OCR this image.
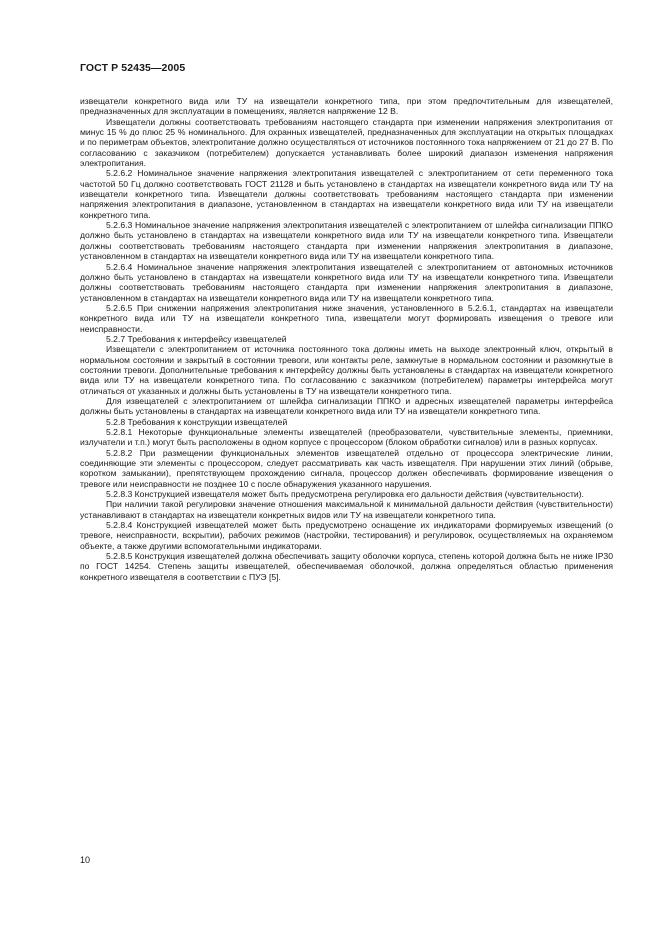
ГОСТ Р 52435—2005

извещатели конкретного вида или ТУ на извещатели конкретного типа, при этом предпочтительным для извещателей, предназначенных для эксплуатации в помещениях, является напряжение 12 В.

Извещатели должны соответствовать требованиям настоящего стандарта при изменении напряжения электропитания от минус 15 % до плюс 25 % номинального. Для охранных извещателей, предназначенных для эксплуатации на открытых площадках и по периметрам объектов, электропитание должно осуществляться от источников постоянного тока напряжением от 21 до 27 В. По согласованию с заказчиком (потребителем) допускается устанавливать более широкий диапазон изменения напряжения электропитания.

5.2.6.2 Номинальное значение напряжения электропитания извещателей с электропитанием от сети переменного тока частотой 50 Гц должно соответствовать ГОСТ 21128 и быть установлено в стандартах на извещатели конкретного вида или ТУ на извещатели конкретного типа. Извещатели должны соответствовать требованиям настоящего стандарта при изменении напряжения электропитания в диапазоне, установленном в стандартах на извещатели конкретного вида или ТУ на извещатели конкретного типа.

5.2.6.3 Номинальное значение напряжения электропитания извещателей с электропитанием от шлейфа сигнализации ППКО должно быть установлено в стандартах на извещатели конкретного вида или ТУ на извещатели конкретного типа. Извещатели должны соответствовать требованиям настоящего стандарта при изменении напряжения электропитания в диапазоне, установленном в стандартах на извещатели конкретного вида или ТУ на извещатели конкретного типа.

5.2.6.4 Номинальное значение напряжения электропитания извещателей с электропитанием от автономных источников должно быть установлено в стандартах на извещатели конкретного вида или ТУ на извещатели конкретного типа. Извещатели должны соответствовать требованиям настоящего стандарта при изменении напряжения электропитания в диапазоне, установленном в стандартах на извещатели конкретного вида или ТУ на извещатели конкретного типа.

5.2.6.5 При снижении напряжения электропитания ниже значения, установленного в 5.2.6.1, стандартах на извещатели конкретного вида или ТУ на извещатели конкретного типа, извещатели могут формировать извещения о тревоге или неисправности.

5.2.7 Требования к интерфейсу извещателей

Извещатели с электропитанием от источника постоянного тока должны иметь на выходе электронный ключ, открытый в нормальном состоянии и закрытый в состоянии тревоги, или контакты реле, замкнутые в нормальном состоянии и разомкнутые в состоянии тревоги. Дополнительные требования к интерфейсу должны быть установлены в стандартах на извещатели конкретного вида или ТУ на извещатели конкретного типа. По согласованию с заказчиком (потребителем) параметры интерфейса могут отличаться от указанных и должны быть установлены в ТУ на извещатели конкретного типа.

Для извещателей с электропитанием от шлейфа сигнализации ППКО и адресных извещателей параметры интерфейса должны быть установлены в стандартах на извещатели конкретного вида или ТУ на извещатели конкретного типа.

5.2.8 Требования к конструкции извещателей

5.2.8.1 Некоторые функциональные элементы извещателей (преобразователи, чувствительные элементы, приемники, излучатели и т.п.) могут быть расположены в одном корпусе с процессором (блоком обработки сигналов) или в разных корпусах.

5.2.8.2 При размещении функциональных элементов извещателей отдельно от процессора электрические линии, соединяющие эти элементы с процессором, следует рассматривать как часть извещателя. При нарушении этих линий (обрыве, коротком замыкании), препятствующем прохождению сигнала, процессор должен обеспечивать формирование извещения о тревоге или неисправности не позднее 10 с после обнаружения указанного нарушения.

5.2.8.3 Конструкцией извещателя может быть предусмотрена регулировка его дальности действия (чувствительности).

При наличии такой регулировки значение отношения максимальной к минимальной дальности действия (чувствительности) устанавливают в стандартах на извещатели конкретных видов или ТУ на извещатели конкретного типа.

5.2.8.4 Конструкцией извещателей может быть предусмотрено оснащение их индикаторами формируемых извещений (о тревоге, неисправности, вскрытии), рабочих режимов (настройки, тестирования) и регулировок, осуществляемых на охраняемом объекте, а также другими вспомогательными индикаторами.

5.2.8.5 Конструкция извещателей должна обеспечивать защиту оболочки корпуса, степень которой должна быть не ниже IP30 по ГОСТ 14254. Степень защиты извещателей, обеспечиваемая оболочкой, должна определяться областью применения конкретного извещателя в соответствии с ПУЭ [5].

10
